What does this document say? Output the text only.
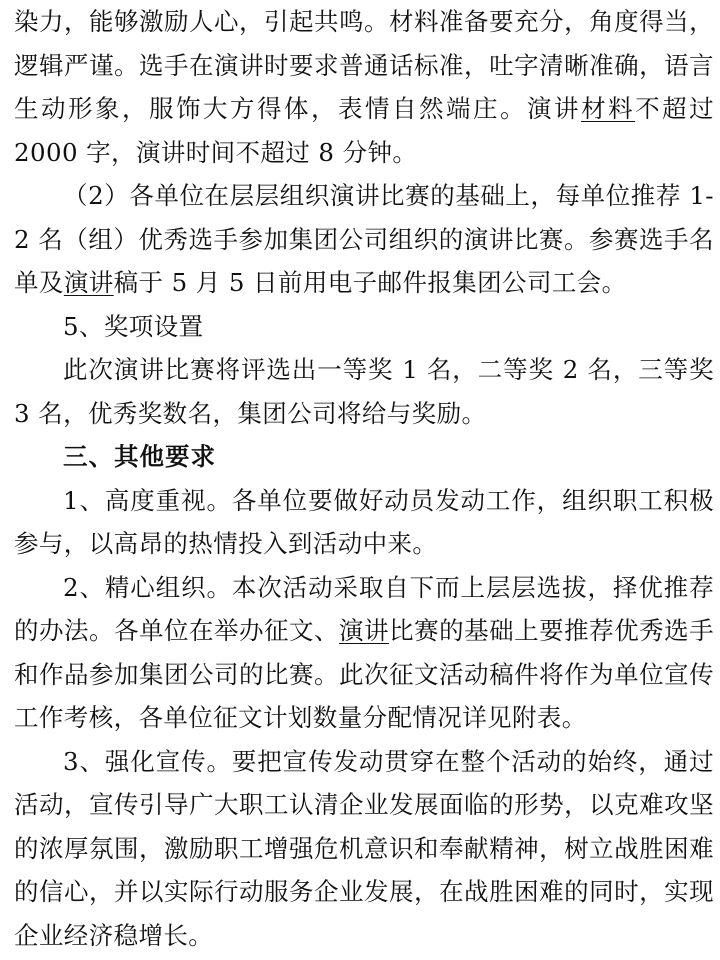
染力，能够激励人心，引起共鸣。材料准备要充分，角度得当，逻辑严谨。选手在演讲时要求普通话标准，吐字清晰准确，语言生动形象，服饰大方得体，表情自然端庄。演讲材料不超过 2000 字，演讲时间不超过 8 分钟。

（2）各单位在层层组织演讲比赛的基础上，每单位推荐 1-2 名（组）优秀选手参加集团公司组织的演讲比赛。参赛选手名单及演讲稿于 5 月 5 日前用电子邮件报集团公司工会。

5、奖项设置

此次演讲比赛将评选出一等奖 1 名，二等奖 2 名，三等奖 3 名，优秀奖数名，集团公司将给与奖励。

三、其他要求

1、高度重视。各单位要做好动员发动工作，组织职工积极参与，以高昂的热情投入到活动中来。

2、精心组织。本次活动采取自下而上层层选拔，择优推荐的办法。各单位在举办征文、演讲比赛的基础上要推荐优秀选手和作品参加集团公司的比赛。此次征文活动稿件将作为单位宣传工作考核，各单位征文计划数量分配情况详见附表。

3、强化宣传。要把宣传发动贯穿在整个活动的始终，通过活动，宣传引导广大职工认清企业发展面临的形势，以克难攻坚的浓厚氛围，激励职工增强危机意识和奉献精神，树立战胜困难的信心，并以实际行动服务企业发展，在战胜困难的同时，实现企业经济稳增长。
